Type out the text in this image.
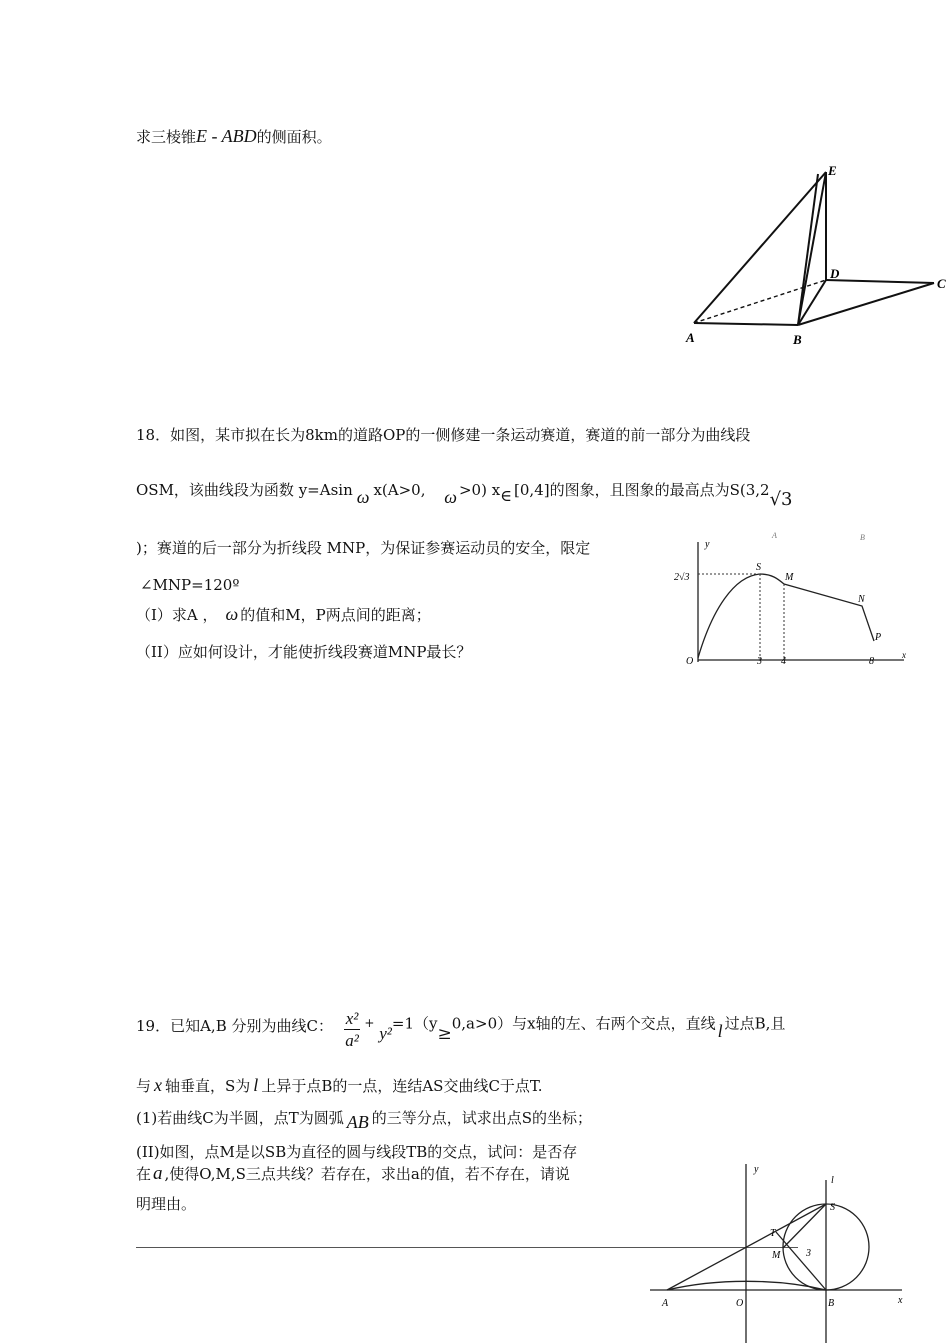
求三棱锥E - ABD的侧面积。
E
D
C
A	B
18．如图，某市拟在长为8km的道路OP的一侧修建一条运动赛道，赛道的前一部分为曲线段
OSM，该曲线段为函数 y=Asin ω x(A>0, ω >0) x∈ [0,4]的图象，且图象的最高点为S(3,2√3
)；赛道的后一部分为折线段 MNP，为保证参赛运动员的安全，限定
∠MNP=120º
（I）求A ， ω 的值和M，P两点间的距离；
（II）应如何设计，才能使折线段赛道MNP最长？
y
2√3
S
M
N
P
O	3 4	8
x
A	B
19．已知A,B 分别为曲线C： $\frac{\text{x²}}{\text{a²}} + y^2=1(y\ge 0,a>0)$与x轴的左、右两个交点，直线 l 过点B,且
与 x 轴垂直，S为 l 上异于点B的一点，连结AS交曲线C于点T.
(1)若曲线C为半圆，点T为圆弧 AB 的三等分点，试求出点S的坐标；
(II)如图，点M是以SB为直径的圆与线段TB的交点，试问：是否存
在 a ,使得O,M,S三点共线？若存在，求出a的值，若不存在，请说
明理由。
y
l
S
T
M	3
A	O	B	x
